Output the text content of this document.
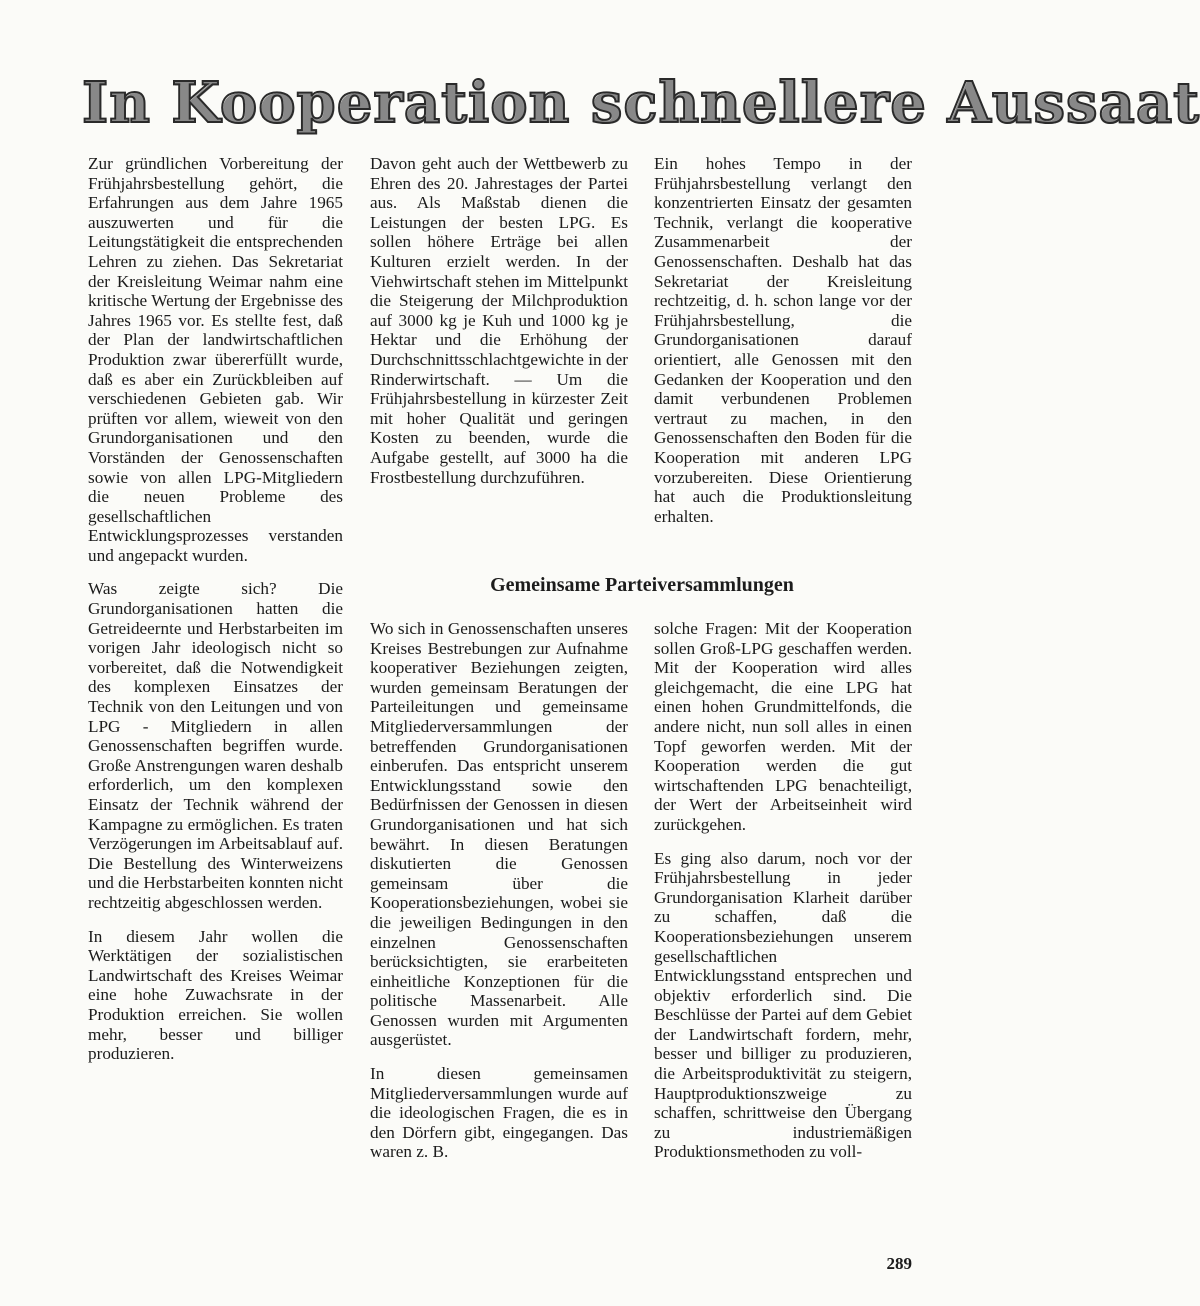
In Kooperation schnellere Aussaat

Zur gründlichen Vorbereitung der Frühjahrsbestellung gehört, die Erfahrungen aus dem Jahre 1965 auszuwerten und für die Leitungstätigkeit die entsprechenden Lehren zu ziehen. Das Sekretariat der Kreisleitung Weimar nahm eine kritische Wertung der Ergebnisse des Jahres 1965 vor. Es stellte fest, daß der Plan der landwirtschaftlichen Produktion zwar übererfüllt wurde, daß es aber ein Zurückbleiben auf verschiedenen Gebieten gab. Wir prüften vor allem, wieweit von den Grundorganisationen und den Vorständen der Genossenschaften sowie von allen LPG-Mitgliedern die neuen Probleme des gesellschaftlichen Entwicklungsprozesses verstanden und angepackt wurden.

Was zeigte sich? Die Grundorganisationen hatten die Getreideernte und Herbstarbeiten im vorigen Jahr ideologisch nicht so vorbereitet, daß die Notwendigkeit des komplexen Einsatzes der Technik von den Leitungen und von LPG - Mitgliedern in allen Genossenschaften begriffen wurde. Große Anstrengungen waren deshalb erforderlich, um den komplexen Einsatz der Technik während der Kampagne zu ermöglichen. Es traten Verzögerungen im Arbeitsablauf auf. Die Bestellung des Winterweizens und die Herbstarbeiten konnten nicht rechtzeitig abgeschlossen werden.

In diesem Jahr wollen die Werktätigen der sozialistischen Landwirtschaft des Kreises Weimar eine hohe Zuwachsrate in der Produktion erreichen. Sie wollen mehr, besser und billiger produzieren.

Davon geht auch der Wettbewerb zu Ehren des 20. Jahrestages der Partei aus. Als Maßstab dienen die Leistungen der besten LPG. Es sollen höhere Erträge bei allen Kulturen erzielt werden. In der Viehwirtschaft stehen im Mittelpunkt die Steigerung der Milchproduktion auf 3000 kg je Kuh und 1000 kg je Hektar und die Erhöhung der Durchschnittsschlachtgewichte in der Rinderwirtschaft. — Um die Frühjahrsbestellung in kürzester Zeit mit hoher Qualität und geringen Kosten zu beenden, wurde die Aufgabe gestellt, auf 3000 ha die Frostbestellung durchzuführen.

Ein hohes Tempo in der Frühjahrsbestellung verlangt den konzentrierten Einsatz der gesamten Technik, verlangt die kooperative Zusammenarbeit der Genossenschaften. Deshalb hat das Sekretariat der Kreisleitung rechtzeitig, d. h. schon lange vor der Frühjahrsbestellung, die Grundorganisationen darauf orientiert, alle Genossen mit den Gedanken der Kooperation und den damit verbundenen Problemen vertraut zu machen, in den Genossenschaften den Boden für die Kooperation mit anderen LPG vorzubereiten. Diese Orientierung hat auch die Produktionsleitung erhalten.

Gemeinsame Parteiversammlungen

Wo sich in Genossenschaften unseres Kreises Bestrebungen zur Aufnahme kooperativer Beziehungen zeigten, wurden gemeinsam Beratungen der Parteileitungen und gemeinsame Mitgliederversammlungen der betreffenden Grundorganisationen einberufen. Das entspricht unserem Entwicklungsstand sowie den Bedürfnissen der Genossen in diesen Grundorganisationen und hat sich bewährt. In diesen Beratungen diskutierten die Genossen gemeinsam über die Kooperationsbeziehungen, wobei sie die jeweiligen Bedingungen in den einzelnen Genossenschaften berücksichtigten, sie erarbeiteten einheitliche Konzeptionen für die politische Massenarbeit. Alle Genossen wurden mit Argumenten ausgerüstet.

In diesen gemeinsamen Mitgliederversammlungen wurde auf die ideologischen Fragen, die es in den Dörfern gibt, eingegangen. Das waren z. B.

solche Fragen: Mit der Kooperation sollen Groß-LPG geschaffen werden. Mit der Kooperation wird alles gleichgemacht, die eine LPG hat einen hohen Grundmittelfonds, die andere nicht, nun soll alles in einen Topf geworfen werden. Mit der Kooperation werden die gut wirtschaftenden LPG benachteiligt, der Wert der Arbeitseinheit wird zurückgehen.

Es ging also darum, noch vor der Frühjahrsbestellung in jeder Grundorganisation Klarheit darüber zu schaffen, daß die Kooperationsbeziehungen unserem gesellschaftlichen Entwicklungsstand entsprechen und objektiv erforderlich sind. Die Beschlüsse der Partei auf dem Gebiet der Landwirtschaft fordern, mehr, besser und billiger zu produzieren, die Arbeitsproduktivität zu steigern, Hauptproduktionszweige zu schaffen, schrittweise den Übergang zu industriemäßigen Produktionsmethoden zu voll-

289
